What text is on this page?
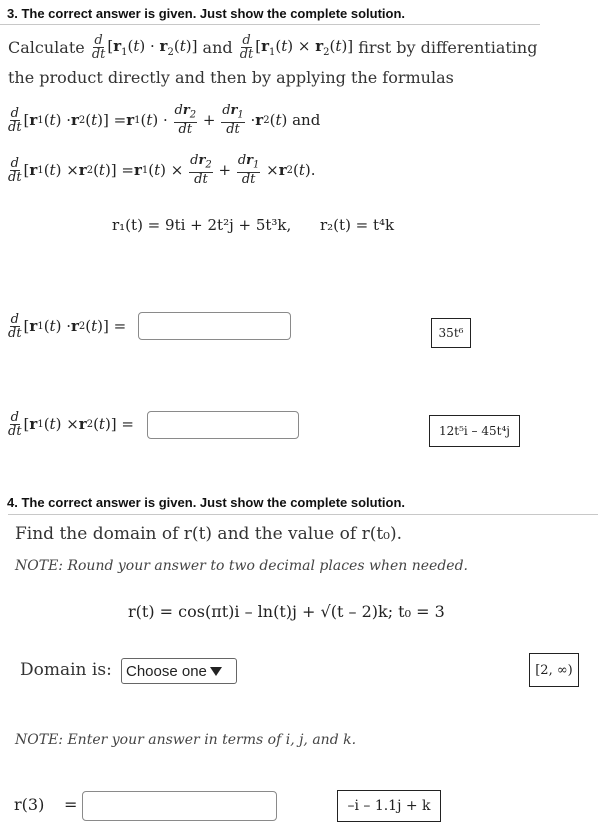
3. The correct answer is given. Just show the complete solution.
Calculate
$\frac{d}{dt} [r_1(t) \cdot r_2(t)]$
and
$\frac{d}{dt} [r_1(t) \times r_2(t)]$
first by differentiating
the product directly and then by applying the formulas
$\frac{d}{dt}$ [ r 1 ( t ) · r 2 ( t )] = r 1 ( t ) · $\frac{dr_2}{dt} + \frac{dr_1}{dt} \cdot r$ 2 ( t ) and
$\frac{d}{dt}$ [ r 1 ( t ) × r 2 ( t )] = r 1 ( t ) × $\frac{dr_2}{dt} + \frac{dr_1}{dt} \times r$ 2 ( t ).
r₁(t) = 9ti + 2t²j + 5t³k, r₂(t) = t⁴k
$\frac{d}{dt}$ [ r 1 ( t ) · r 2 ( t )] =	35t⁶
$\frac{d}{dt}$ [ r 1 ( t ) × r 2 ( t )] =	12t⁵i – 45t⁴j
4. The correct answer is given. Just show the complete solution.
Find the domain of r(t) and the value of r(t₀).
NOTE: Round your answer to two decimal places when needed.
r(t) = cos(πt)i – ln(t)j + √(t – 2)k; t₀ = 3
Domain is: Choose one	[2, ∞)
NOTE: Enter your answer in terms of i, j, and k.
r(3) =	–i – 1.1j + k
